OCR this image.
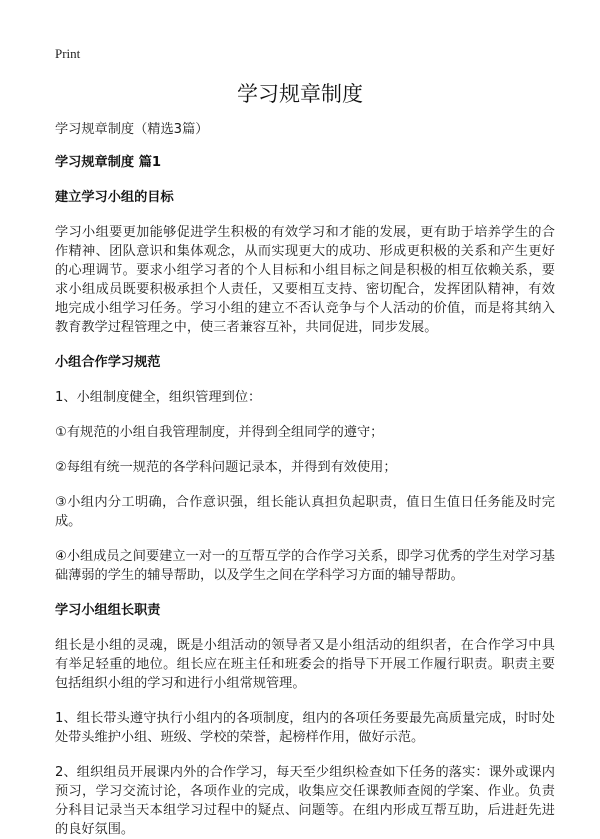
Print
学习规章制度

学习规章制度（精选3篇）

学习规章制度 篇1

建立学习小组的目标

学习小组要更加能够促进学生积极的有效学习和才能的发展，更有助于培养学生的合作精神、团队意识和集体观念，从而实现更大的成功、形成更积极的关系和产生更好的心理调节。要求小组学习者的个人目标和小组目标之间是积极的相互依赖关系，要求小组成员既要积极承担个人责任，又要相互支持、密切配合，发挥团队精神，有效地完成小组学习任务。学习小组的建立不否认竞争与个人活动的价值，而是将其纳入教育教学过程管理之中，使三者兼容互补，共同促进，同步发展。

小组合作学习规范

1、小组制度健全，组织管理到位：

①有规范的小组自我管理制度，并得到全组同学的遵守；

②每组有统一规范的各学科问题记录本，并得到有效使用；

③小组内分工明确，合作意识强，组长能认真担负起职责，值日生值日任务能及时完成。

④小组成员之间要建立一对一的互帮互学的合作学习关系，即学习优秀的学生对学习基础薄弱的学生的辅导帮助，以及学生之间在学科学习方面的辅导帮助。

学习小组组长职责

组长是小组的灵魂，既是小组活动的领导者又是小组活动的组织者，在合作学习中具有举足轻重的地位。组长应在班主任和班委会的指导下开展工作履行职责。职责主要包括组织小组的学习和进行小组常规管理。

1、组长带头遵守执行小组内的各项制度，组内的各项任务要最先高质量完成，时时处处带头维护小组、班级、学校的荣誉，起榜样作用，做好示范。

2、组织组员开展课内外的合作学习，每天至少组织检查如下任务的落实：课外或课内预习，学习交流讨论，各项作业的完成，收集应交任课教师查阅的学案、作业。负责分科目记录当天本组学习过程中的疑点、问题等。在组内形成互帮互助，后进赶先进的良好氛围。
